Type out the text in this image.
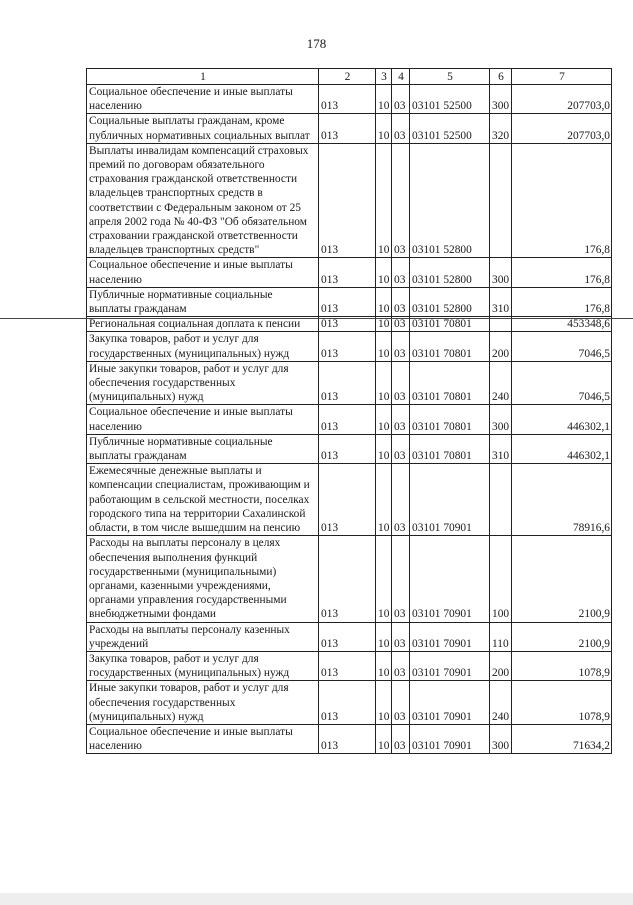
178
1	2	3	4	5	6	7
Социальное обеспечение и иные выплаты населению	013	10	03	03101 52500	300	207703,0
Социальные выплаты гражданам, кроме публичных нормативных социальных выплат	013	10	03	03101 52500	320	207703,0
Выплаты инвалидам компенсаций страховых премий по договорам обязательного страхования гражданской ответственности владельцев транспортных средств в соответствии с Федеральным законом от 25 апреля 2002 года № 40-ФЗ "Об обязательном страховании гражданской ответственности владельцев транспортных средств"	013	10	03	03101 52800		176,8
Социальное обеспечение и иные выплаты населению	013	10	03	03101 52800	300	176,8
Публичные нормативные социальные выплаты гражданам	013	10	03	03101 52800	310	176,8
Региональная социальная доплата к пенсии	013	10	03	03101 70801		453348,6
Закупка товаров, работ и услуг для государственных (муниципальных) нужд	013	10	03	03101 70801	200	7046,5
Иные закупки товаров, работ и услуг для обеспечения государственных (муниципальных) нужд	013	10	03	03101 70801	240	7046,5
Социальное обеспечение и иные выплаты населению	013	10	03	03101 70801	300	446302,1
Публичные нормативные социальные выплаты гражданам	013	10	03	03101 70801	310	446302,1
Ежемесячные денежные выплаты и компенсации специалистам, проживающим и работающим в сельской местности, поселках городского типа на территории Сахалинской области, в том числе вышедшим на пенсию	013	10	03	03101 70901		78916,6
Расходы на выплаты персоналу в целях обеспечения выполнения функций государственными (муниципальными) органами, казенными учреждениями, органами управления государственными внебюджетными фондами	013	10	03	03101 70901	100	2100,9
Расходы на выплаты персоналу казенных учреждений	013	10	03	03101 70901	110	2100,9
Закупка товаров, работ и услуг для государственных (муниципальных) нужд	013	10	03	03101 70901	200	1078,9
Иные закупки товаров, работ и услуг для обеспечения государственных (муниципальных) нужд	013	10	03	03101 70901	240	1078,9
Социальное обеспечение и иные выплаты населению	013	10	03	03101 70901	300	71634,2
